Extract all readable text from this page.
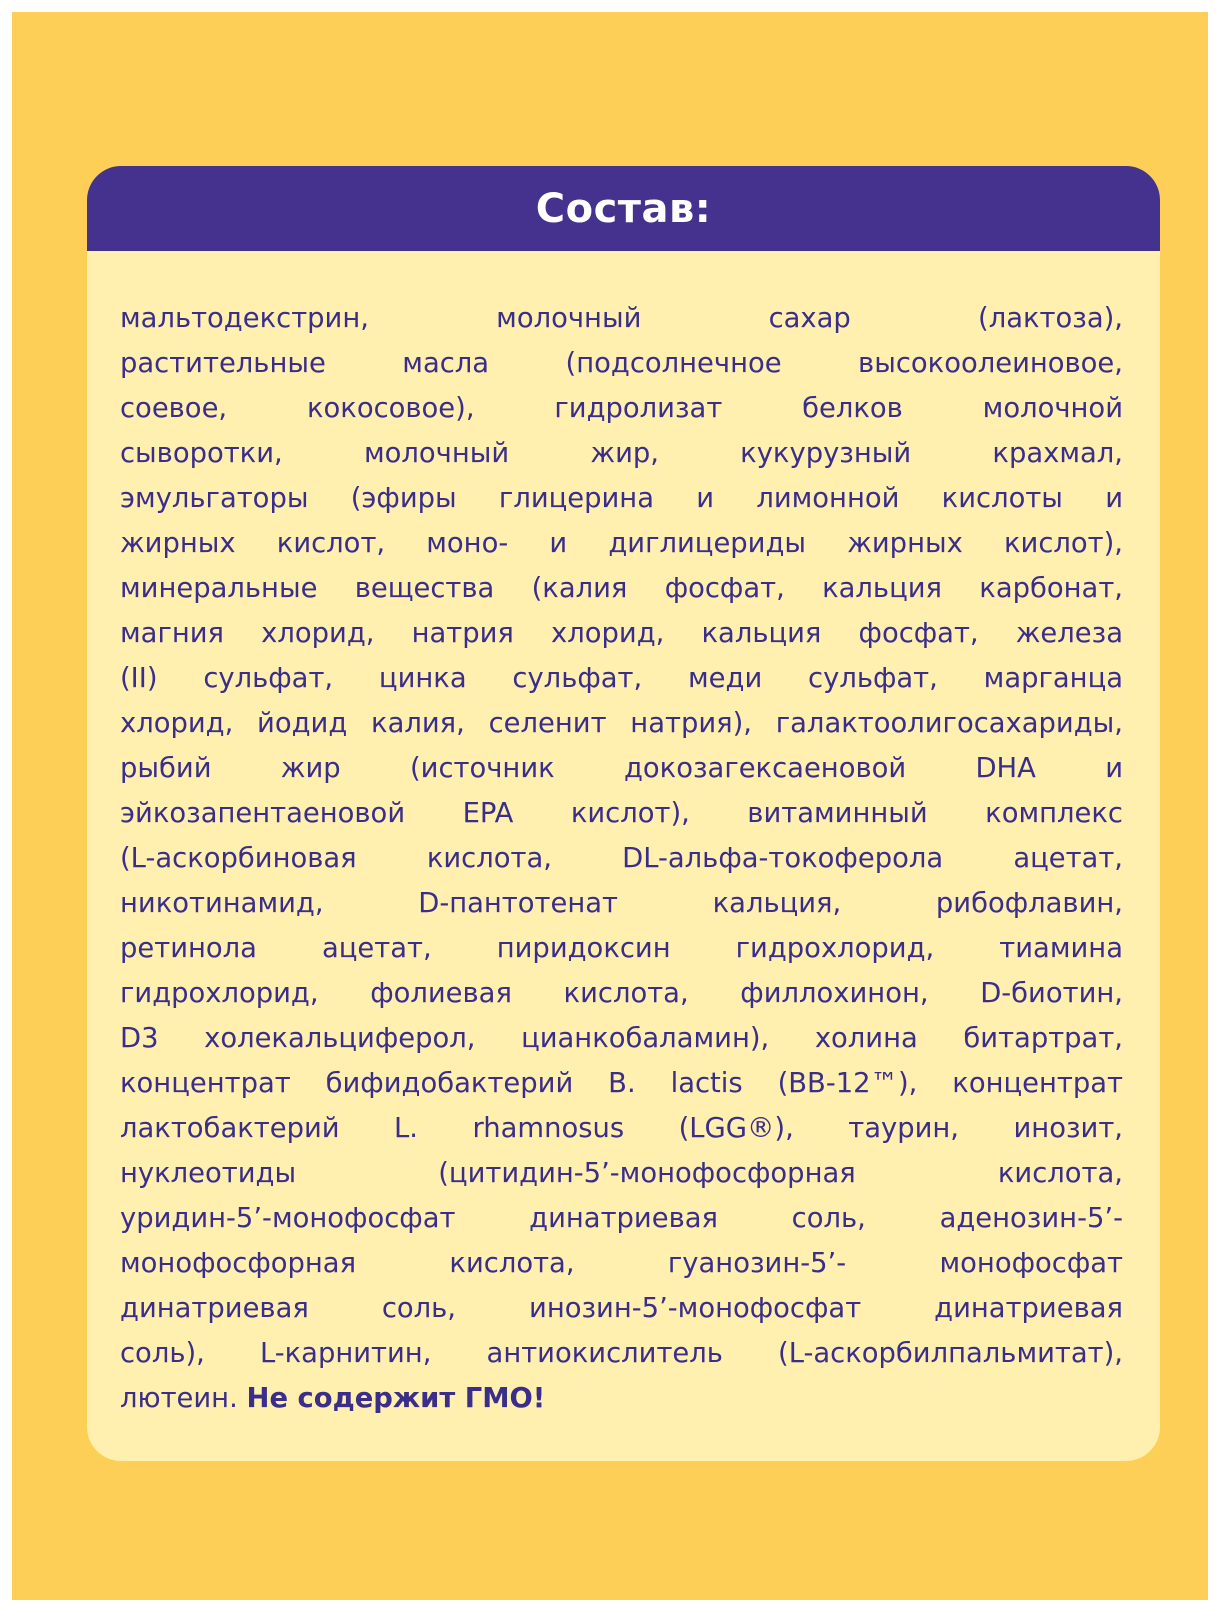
Состав:
мальтодекстрин, молочный сахар (лактоза),
растительные масла (подсолнечное высокоолеиновое,
соевое, кокосовое), гидролизат белков молочной
сыворотки, молочный жир, кукурузный крахмал,
эмульгаторы (эфиры глицерина и лимонной кислоты и
жирных кислот, моно- и диглицериды жирных кислот),
минеральные вещества (калия фосфат, кальция карбонат,
магния хлорид, натрия хлорид, кальция фосфат, железа
(II) сульфат, цинка сульфат, меди сульфат, марганца
хлорид, йодид калия, селенит натрия), галактоолигосахариды,
рыбий жир (источник докозагексаеновой DHA и
эйкозапентаеновой EPA кислот), витаминный комплекс
(L-аскорбиновая кислота, DL-альфа-токоферола ацетат,
никотинамид, D-пантотенат кальция, рибофлавин,
ретинола ацетат, пиридоксин гидрохлорид, тиамина
гидрохлорид, фолиевая кислота, филлохинон, D-биотин,
D3 холекальциферол, цианкобаламин), холина битартрат,
концентрат бифидобактерий B. lactis (BB-12™), концентрат
лактобактерий L. rhamnosus (LGG®), таурин, инозит,
нуклеотиды (цитидин-5’-монофосфорная кислота,
уридин-5’-монофосфат динатриевая соль, аденозин-5’-
монофосфорная кислота, гуанозин-5’- монофосфат
динатриевая соль, инозин-5’-монофосфат динатриевая
соль), L-карнитин, антиокислитель (L-аскорбилпальмитат),
лютеин. Не содержит ГМО!
